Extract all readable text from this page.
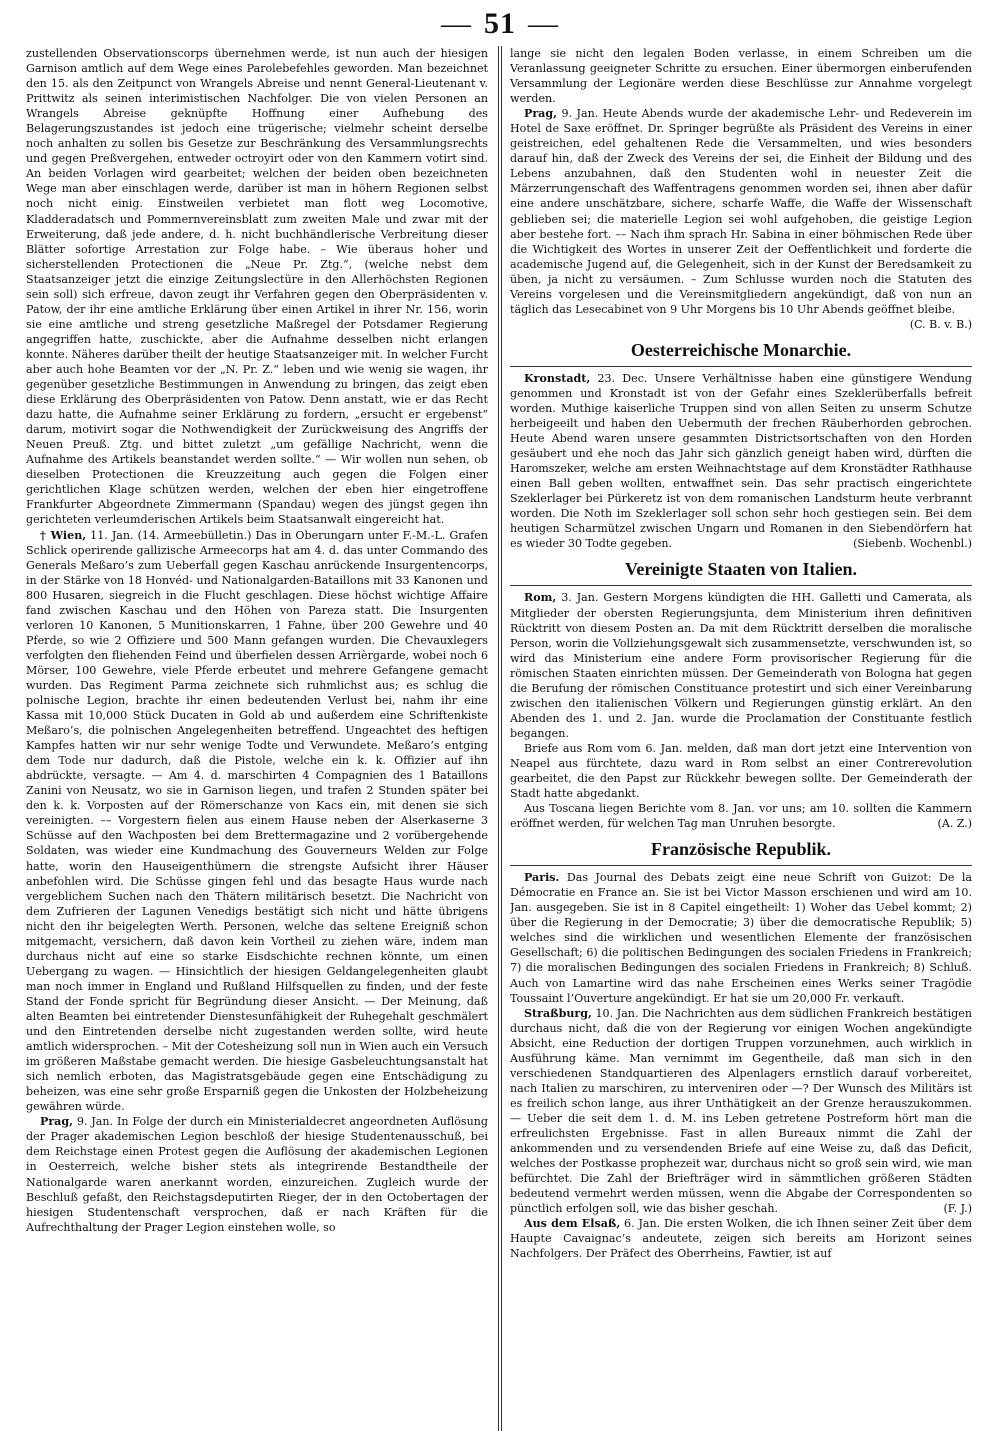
— 51 —

zustellenden Observationscorps übernehmen werde, ist nun auch der hiesigen Garnison amtlich auf dem Wege eines Parolebefehles geworden. Man bezeichnet den 15. als den Zeitpunct von Wrangels Abreise und nennt General-Lieutenant v. Prittwitz als seinen interimistischen Nachfolger. Die von vielen Personen an Wrangels Abreise geknüpfte Hoffnung einer Aufhebung des Belagerungszustandes ist jedoch eine trügerische; vielmehr scheint derselbe noch anhalten zu sollen bis Gesetze zur Beschränkung des Versammlungsrechts und gegen Preßvergehen, entweder octroyirt oder von den Kammern votirt sind. An beiden Vorlagen wird gearbeitet; welchen der beiden oben bezeichneten Wege man aber einschlagen werde, darüber ist man in höhern Regionen selbst noch nicht einig. Einstweilen verbietet man flott weg Locomotive, Kladderadatsch und Pommernvereinsblatt zum zweiten Male und zwar mit der Erweiterung, daß jede andere, d. h. nicht buchhändlerische Verbreitung dieser Blätter sofortige Arrestation zur Folge habe. – Wie überaus hoher und sicherstellenden Protectionen die „Neue Pr. Ztg.“, (welche nebst dem Staatsanzeiger jetzt die einzige Zeitungslectüre in den Allerhöchsten Regionen sein soll) sich erfreue, davon zeugt ihr Verfahren gegen den Oberpräsidenten v. Patow, der ihr eine amtliche Erklärung über einen Artikel in ihrer Nr. 156, worin sie eine amtliche und streng gesetzliche Maßregel der Potsdamer Regierung angegriffen hatte, zuschickte, aber die Aufnahme desselben nicht erlangen konnte. Näheres darüber theilt der heutige Staatsanzeiger mit. In welcher Furcht aber auch hohe Beamten vor der „N. Pr. Z.“ leben und wie wenig sie wagen, ihr gegenüber gesetzliche Bestimmungen in Anwendung zu bringen, das zeigt eben diese Erklärung des Oberpräsidenten von Patow. Denn anstatt, wie er das Recht dazu hatte, die Aufnahme seiner Erklärung zu fordern, „ersucht er ergebenst“ darum, motivirt sogar die Nothwendigkeit der Zurückweisung des Angriffs der Neuen Preuß. Ztg. und bittet zuletzt „um gefällige Nachricht, wenn die Aufnahme des Artikels beanstandet werden sollte.“ — Wir wollen nun sehen, ob dieselben Protectionen die Kreuzzeitung auch gegen die Folgen einer gerichtlichen Klage schützen werden, welchen der eben hier eingetroffene Frankfurter Abgeordnete Zimmermann (Spandau) wegen des jüngst gegen ihn gerichteten verleumderischen Artikels beim Staatsanwalt eingereicht hat.

† Wien, 11. Jan. (14. Armeebülletin.) Das in Oberungarn unter F.-M.-L. Grafen Schlick operirende gallizische Armeecorps hat am 4. d. das unter Commando des Generals Meßaro’s zum Ueberfall gegen Kaschau anrückende Insurgentencorps, in der Stärke von 18 Honvéd- und Nationalgarden-Bataillons mit 33 Kanonen und 800 Husaren, siegreich in die Flucht geschlagen. Diese höchst wichtige Affaire fand zwischen Kaschau und den Höhen von Pareza statt. Die Insurgenten verloren 10 Kanonen, 5 Munitionskarren, 1 Fahne, über 200 Gewehre und 40 Pferde, so wie 2 Offiziere und 500 Mann gefangen wurden. Die Chevauxlegers verfolgten den fliehenden Feind und überfielen dessen Arrièrgarde, wobei noch 6 Mörser, 100 Gewehre, viele Pferde erbeutet und mehrere Gefangene gemacht wurden. Das Regiment Parma zeichnete sich ruhmlichst aus; es schlug die polnische Legion, brachte ihr einen bedeutenden Verlust bei, nahm ihr eine Kassa mit 10,000 Stück Ducaten in Gold ab und außerdem eine Schriftenkiste Meßaro’s, die polnischen Angelegenheiten betreffend. Ungeachtet des heftigen Kampfes hatten wir nur sehr wenige Todte und Verwundete. Meßaro’s entging dem Tode nur dadurch, daß die Pistole, welche ein k. k. Offizier auf ihn abdrückte, versagte. — Am 4. d. marschirten 4 Compagnien des 1 Bataillons Zanini von Neusatz, wo sie in Garnison liegen, und trafen 2 Stunden später bei den k. k. Vorposten auf der Römerschanze von Kacs ein, mit denen sie sich vereinigten. –– Vorgestern fielen aus einem Hause neben der Alserkaserne 3 Schüsse auf den Wachposten bei dem Brettermagazine und 2 vorübergehende Soldaten, was wieder eine Kundmachung des Gouverneurs Welden zur Folge hatte, worin den Hauseigenthümern die strengste Aufsicht ihrer Häuser anbefohlen wird. Die Schüsse gingen fehl und das besagte Haus wurde nach vergeblichem Suchen nach den Thätern militärisch besetzt. Die Nachricht von dem Zufrieren der Lagunen Venedigs bestätigt sich nicht und hätte übrigens nicht den ihr beigelegten Werth. Personen, welche das seltene Ereigniß schon mitgemacht, versichern, daß davon kein Vortheil zu ziehen wäre, indem man durchaus nicht auf eine so starke Eisdschichte rechnen könnte, um einen Uebergang zu wagen. — Hinsichtlich der hiesigen Geldangelegenheiten glaubt man noch immer in England und Rußland Hilfsquellen zu finden, und der feste Stand der Fonde spricht für Begründung dieser Ansicht. — Der Meinung, daß alten Beamten bei eintretender Dienstesunfähigkeit der Ruhegehalt geschmälert und den Eintretenden derselbe nicht zugestanden werden sollte, wird heute amtlich widersprochen. – Mit der Cotesheizung soll nun in Wien auch ein Versuch im größeren Maßstabe gemacht werden. Die hiesige Gasbeleuchtungsanstalt hat sich nemlich erboten, das Magistratsgebäude gegen eine Entschädigung zu beheizen, was eine sehr große Ersparniß gegen die Unkosten der Holzbeheizung gewähren würde.

Prag, 9. Jan. In Folge der durch ein Ministerialdecret angeordneten Auflösung der Prager akademischen Legion beschloß der hiesige Studentenausschuß, bei dem Reichstage einen Protest gegen die Auflösung der akademischen Legionen in Oesterreich, welche bisher stets als integrirende Bestandtheile der Nationalgarde waren anerkannt worden, einzureichen. Zugleich wurde der Beschluß gefaßt, den Reichstagsdeputirten Rieger, der in den Octobertagen der hiesigen Studentenschaft versprochen, daß er nach Kräften für die Aufrechthaltung der Prager Legion einstehen wolle, so

lange sie nicht den legalen Boden verlasse, in einem Schreiben um die Veranlassung geeigneter Schritte zu ersuchen. Einer übermorgen einberufenden Versammlung der Legionäre werden diese Beschlüsse zur Annahme vorgelegt werden.

Prag, 9. Jan. Heute Abends wurde der akademische Lehr- und Redeverein im Hotel de Saxe eröffnet. Dr. Springer begrüßte als Präsident des Vereins in einer geistreichen, edel gehaltenen Rede die Versammelten, und wies besonders darauf hin, daß der Zweck des Vereins der sei, die Einheit der Bildung und des Lebens anzubahnen, daß den Studenten wohl in neuester Zeit die Märzerrungenschaft des Waffentragens genommen worden sei, ihnen aber dafür eine andere unschätzbare, sichere, scharfe Waffe, die Waffe der Wissenschaft geblieben sei; die materielle Legion sei wohl aufgehoben, die geistige Legion aber bestehe fort. –– Nach ihm sprach Hr. Sabina in einer böhmischen Rede über die Wichtigkeit des Wortes in unserer Zeit der Oeffentlichkeit und forderte die academische Jugend auf, die Gelegenheit, sich in der Kunst der Beredsamkeit zu üben, ja nicht zu versäumen. – Zum Schlusse wurden noch die Statuten des Vereins vorgelesen und die Vereinsmitgliedern angekündigt, daß von nun an täglich das Lesecabinet von 9 Uhr Morgens bis 10 Uhr Abends geöffnet bleibe.
(C. B. v. B.)

Oesterreichische Monarchie.

Kronstadt, 23. Dec. Unsere Verhältnisse haben eine günstigere Wendung genommen und Kronstadt ist von der Gefahr eines Szeklerüberfalls befreit worden. Muthige kaiserliche Truppen sind von allen Seiten zu unserm Schutze herbeigeeilt und haben den Uebermuth der frechen Räuberhorden gebrochen. Heute Abend waren unsere gesammten Districtsortschaften von den Horden gesäubert und ehe noch das Jahr sich gänzlich geneigt haben wird, dürften die Haromszeker, welche am ersten Weihnachtstage auf dem Kronstädter Rathhause einen Ball geben wollten, entwaffnet sein. Das sehr practisch eingerichtete Szeklerlager bei Pürkeretz ist von dem romanischen Landsturm heute verbrannt worden. Die Noth im Szeklerlager soll schon sehr hoch gestiegen sein. Bei dem heutigen Scharmützel zwischen Ungarn und Romanen in den Siebendörfern hat es wieder 30 Todte gegeben.	(Siebenb. Wochenbl.)

Vereinigte Staaten von Italien.

Rom, 3. Jan. Gestern Morgens kündigten die HH. Galletti und Camerata, als Mitglieder der obersten Regierungsjunta, dem Ministerium ihren definitiven Rücktritt von diesem Posten an. Da mit dem Rücktritt derselben die moralische Person, worin die Vollziehungsgewalt sich zusammensetzte, verschwunden ist, so wird das Ministerium eine andere Form provisorischer Regierung für die römischen Staaten einrichten müssen. Der Gemeinderath von Bologna hat gegen die Berufung der römischen Constituance protestirt und sich einer Vereinbarung zwischen den italienischen Völkern und Regierungen günstig erklärt. An den Abenden des 1. und 2. Jan. wurde die Proclamation der Constituante festlich begangen.

Briefe aus Rom vom 6. Jan. melden, daß man dort jetzt eine Intervention von Neapel aus fürchtete, dazu ward in Rom selbst an einer Contrerevolution gearbeitet, die den Papst zur Rückkehr bewegen sollte. Der Gemeinderath der Stadt hatte abgedankt.

Aus Toscana liegen Berichte vom 8. Jan. vor uns; am 10. sollten die Kammern eröffnet werden, für welchen Tag man Unruhen besorgte.	(A. Z.)

Französische Republik.

Paris. Das Journal des Debats zeigt eine neue Schrift von Guizot: De la Démocratie en France an. Sie ist bei Victor Masson erschienen und wird am 10. Jan. ausgegeben. Sie ist in 8 Capitel eingetheilt: 1) Woher das Uebel kommt; 2) über die Regierung in der Democratie; 3) über die democratische Republik; 5) welches sind die wirklichen und wesentlichen Elemente der französischen Gesellschaft; 6) die politischen Bedingungen des socialen Friedens in Frankreich; 7) die moralischen Bedingungen des socialen Friedens in Frankreich; 8) Schluß. Auch von Lamartine wird das nahe Erscheinen eines Werks seiner Tragödie Toussaint l’Ouverture angekündigt. Er hat sie um 20,000 Fr. verkauft.

Straßburg, 10. Jan. Die Nachrichten aus dem südlichen Frankreich bestätigen durchaus nicht, daß die von der Regierung vor einigen Wochen angekündigte Absicht, eine Reduction der dortigen Truppen vorzunehmen, auch wirklich in Ausführung käme. Man vernimmt im Gegentheile, daß man sich in den verschiedenen Standquartieren des Alpenlagers ernstlich darauf vorbereitet, nach Italien zu marschiren, zu interveniren oder —? Der Wunsch des Militärs ist es freilich schon lange, aus ihrer Unthätigkeit an der Grenze herauszukommen. — Ueber die seit dem 1. d. M. ins Leben getretene Postreform hört man die erfreulichsten Ergebnisse. Fast in allen Bureaux nimmt die Zahl der ankommenden und zu versendenden Briefe auf eine Weise zu, daß das Deficit, welches der Postkasse prophezeit war, durchaus nicht so groß sein wird, wie man befürchtet. Die Zahl der Briefträger wird in sämmtlichen größeren Städten bedeutend vermehrt werden müssen, wenn die Abgabe der Correspondenten so pünctlich erfolgen soll, wie das bisher geschah.	(F. J.)

Aus dem Elsaß, 6. Jan. Die ersten Wolken, die ich Ihnen seiner Zeit über dem Haupte Cavaignac’s andeutete, zeigen sich bereits am Horizont seines Nachfolgers. Der Präfect des Oberrheins, Fawtier, ist auf
